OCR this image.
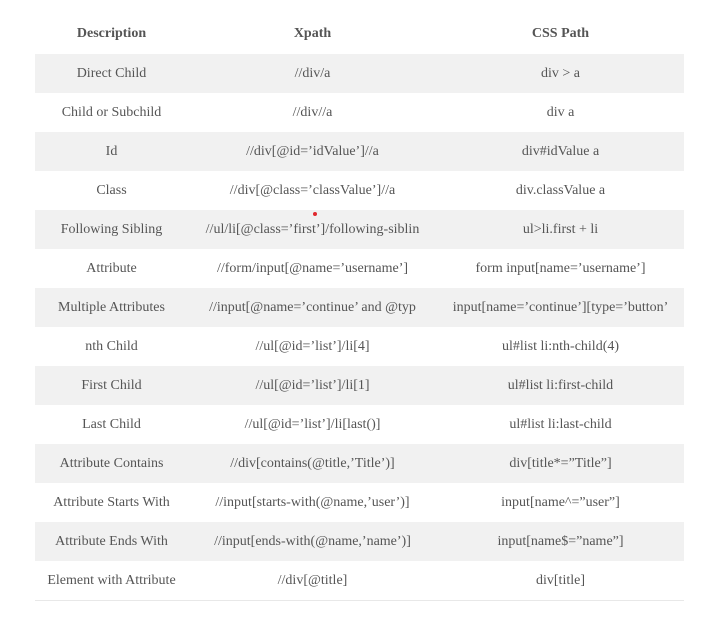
Description	Xpath	CSS Path
Direct Child	//div/a	div > a
Child or Subchild	//div//a	div a
Id	//div[@id=’idValue’]//a	div#idValue a
Class	//div[@class=’classValue’]//a	div.classValue a
Following Sibling	//ul/li[@class=’first’]/following-siblin	ul>li.first + li
Attribute	//form/input[@name=’username’]	form input[name=’username’]
Multiple Attributes	//input[@name=’continue’ and @typ	input[name=’continue’][type=’button’
nth Child	//ul[@id=’list’]/li[4]	ul#list li:nth-child(4)
First Child	//ul[@id=’list’]/li[1]	ul#list li:first-child
Last Child	//ul[@id=’list’]/li[last()]	ul#list li:last-child
Attribute Contains	//div[contains(@title,’Title’)]	div[title*=”Title”]
Attribute Starts With	//input[starts-with(@name,’user’)]	input[name^=”user”]
Attribute Ends With	//input[ends-with(@name,’name’)]	input[name$=”name”]
Element with Attribute	//div[@title]	div[title]
